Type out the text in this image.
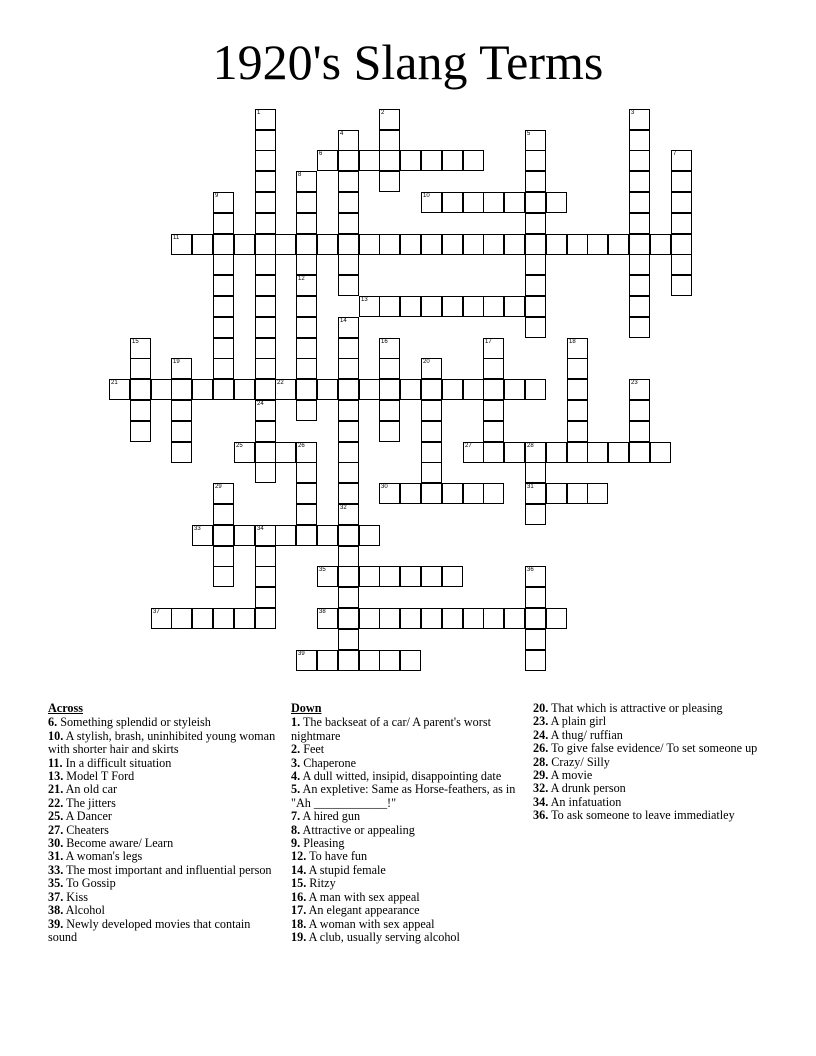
1920's Slang Terms
6
10
11
13
21	22
25	26	27	28
30	31
33	34
35
37	38
39
1	2	3
4	5
7
8
9
12
14
32
15	16	17	18
19	20
23
24
29
36
Across
6. Something splendid or styleish
10. A stylish, brash, uninhibited young woman with shorter hair and skirts
11. In a difficult situation
13. Model T Ford
21. An old car
22. The jitters
25. A Dancer
27. Cheaters
30. Become aware/ Learn
31. A woman's legs
33. The most important and influential person
35. To Gossip
37. Kiss
38. Alcohol
39. Newly developed movies that contain sound
Down
1. The backseat of a car/ A parent's worst nightmare
2. Feet
3. Chaperone
4. A dull witted, insipid, disappointing date
5. An expletive: Same as Horse-feathers, as in "Ah ____________!"
7. A hired gun
8. Attractive or appealing
9. Pleasing
12. To have fun
14. A stupid female
15. Ritzy
16. A man with sex appeal
17. An elegant appearance
18. A woman with sex appeal
19. A club, usually serving alcohol
20. That which is attractive or pleasing
23. A plain girl
24. A thug/ ruffian
26. To give false evidence/ To set someone up
28. Crazy/ Silly
29. A movie
32. A drunk person
34. An infatuation
36. To ask someone to leave immediatley
